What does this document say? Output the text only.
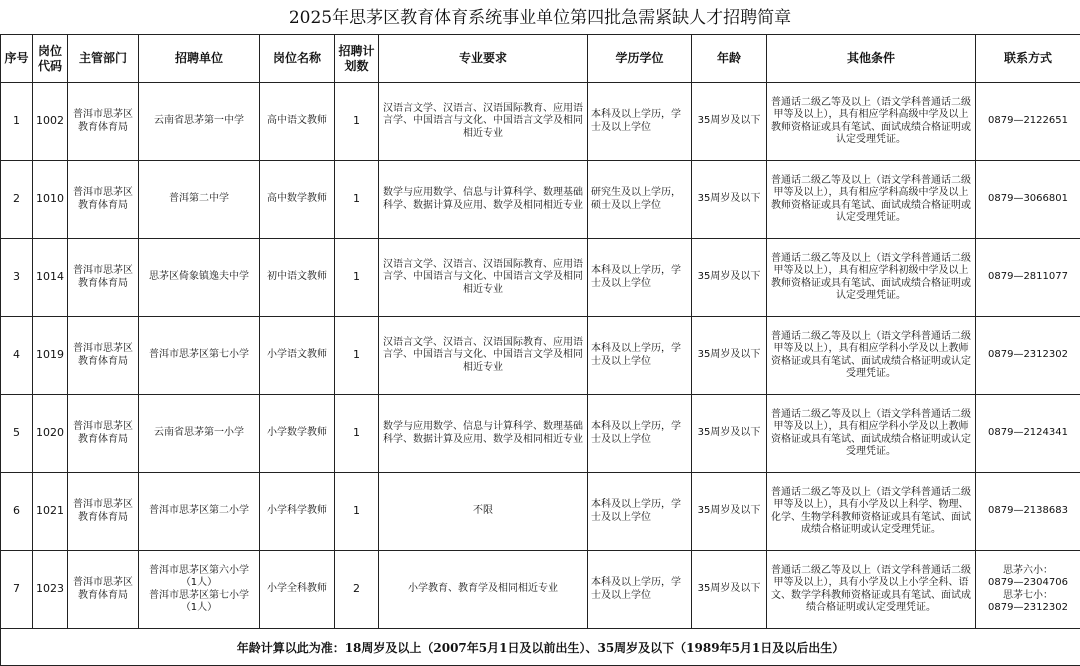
2025年思茅区教育体育系统事业单位第四批急需紧缺人才招聘简章
序号	岗位代码	主管部门	招聘单位	岗位名称	招聘计划数	专业要求	学历学位	年龄	其他条件	联系方式
1	1002	普洱市思茅区教育体育局	云南省思茅第一中学	高中语文教师	1	汉语言文学、汉语言、汉语国际教育、应用语言学、中国语言与文化、中国语言文学及相同相近专业	本科及以上学历，学士及以上学位	35周岁及以下	普通话二级乙等及以上（语文学科普通话二级甲等及以上），具有相应学科高级中学及以上教师资格证或具有笔试、面试成绩合格证明或认定受理凭证。	0879—2122651
2	1010	普洱市思茅区教育体育局	普洱第二中学	高中数学教师	1	数学与应用数学、信息与计算科学、数理基础科学、数据计算及应用、数学及相同相近专业	研究生及以上学历，硕士及以上学位	35周岁及以下	普通话二级乙等及以上（语文学科普通话二级甲等及以上），具有相应学科高级中学及以上教师资格证或具有笔试、面试成绩合格证明或认定受理凭证。	0879—3066801
3	1014	普洱市思茅区教育体育局	思茅区倚象镇逸夫中学	初中语文教师	1	汉语言文学、汉语言、汉语国际教育、应用语言学、中国语言与文化、中国语言文学及相同相近专业	本科及以上学历，学士及以上学位	35周岁及以下	普通话二级乙等及以上（语文学科普通话二级甲等及以上），具有相应学科初级中学及以上教师资格证或具有笔试、面试成绩合格证明或认定受理凭证。	0879—2811077
4	1019	普洱市思茅区教育体育局	普洱市思茅区第七小学	小学语文教师	1	汉语言文学、汉语言、汉语国际教育、应用语言学、中国语言与文化、中国语言文学及相同相近专业	本科及以上学历，学士及以上学位	35周岁及以下	普通话二级乙等及以上（语文学科普通话二级甲等及以上），具有相应学科小学及以上教师资格证或具有笔试、面试成绩合格证明或认定受理凭证。	0879—2312302
5	1020	普洱市思茅区教育体育局	云南省思茅第一小学	小学数学教师	1	数学与应用数学、信息与计算科学、数理基础科学、数据计算及应用、数学及相同相近专业	本科及以上学历，学士及以上学位	35周岁及以下	普通话二级乙等及以上（语文学科普通话二级甲等及以上），具有相应学科小学及以上教师资格证或具有笔试、面试成绩合格证明或认定受理凭证。	0879—2124341
6	1021	普洱市思茅区教育体育局	普洱市思茅区第二小学	小学科学教师	1	不限	本科及以上学历，学士及以上学位	35周岁及以下	普通话二级乙等及以上（语文学科普通话二级甲等及以上），具有小学及以上科学、物理、化学、生物学科教师资格证或具有笔试、面试成绩合格证明或认定受理凭证。	0879—2138683
7	1023	普洱市思茅区教育体育局	普洱市思茅区第六小学
（1人）
普洱市思茅区第七小学
（1人）	小学全科教师	2	小学教育、教育学及相同相近专业	本科及以上学历，学士及以上学位	35周岁及以下	普通话二级乙等及以上（语文学科普通话二级甲等及以上），具有小学及以上小学全科、语文、数学学科教师资格证或具有笔试、面试成绩合格证明或认定受理凭证。	思茅六小：
0879—2304706
思茅七小：
0879—2312302

年龄计算以此为准：18周岁及以上（2007年5月1日及以前出生）、35周岁及以下（1989年5月1日及以后出生）										
